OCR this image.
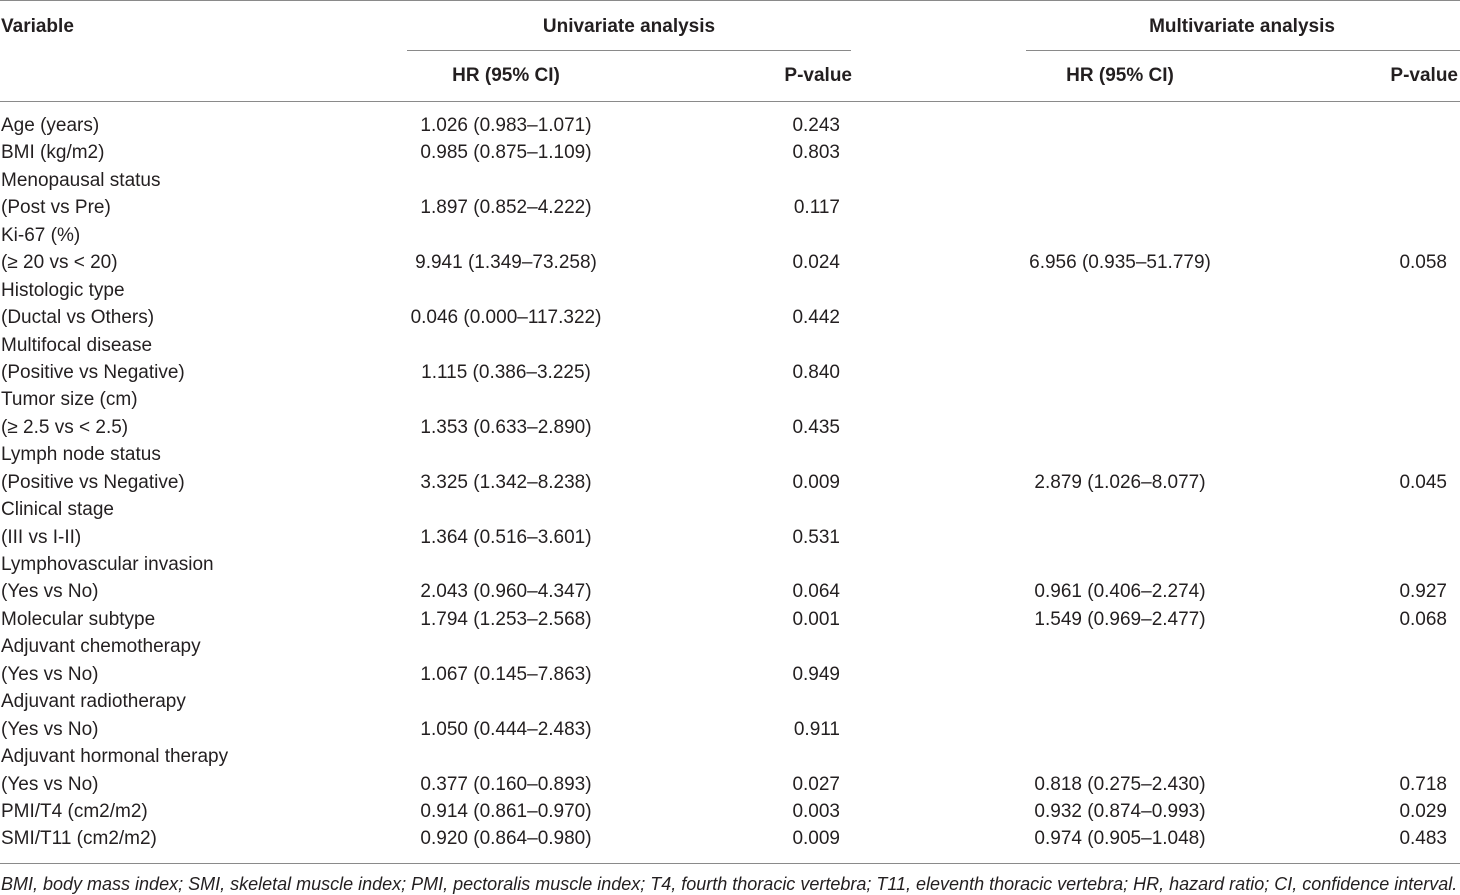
Variable	Univariate analysis	Multivariate analysis
HR (95% CI)	P-value	HR (95% CI)	P-value
Age (years)	1.026 (0.983–1.071)	0.243
BMI (kg/m2)	0.985 (0.875–1.109)	0.803
Menopausal status
(Post vs Pre)	1.897 (0.852–4.222)	0.117
Ki-67 (%)
(≥ 20 vs < 20)	9.941 (1.349–73.258)	0.024	6.956 (0.935–51.779)	0.058
Histologic type
(Ductal vs Others)	0.046 (0.000–117.322)	0.442
Multifocal disease
(Positive vs Negative)	1.115 (0.386–3.225)	0.840
Tumor size (cm)
(≥ 2.5 vs < 2.5)	1.353 (0.633–2.890)	0.435
Lymph node status
(Positive vs Negative)	3.325 (1.342–8.238)	0.009	2.879 (1.026–8.077)	0.045
Clinical stage
(III vs I-II)	1.364 (0.516–3.601)	0.531
Lymphovascular invasion
(Yes vs No)	2.043 (0.960–4.347)	0.064	0.961 (0.406–2.274)	0.927
Molecular subtype	1.794 (1.253–2.568)	0.001	1.549 (0.969–2.477)	0.068
Adjuvant chemotherapy
(Yes vs No)	1.067 (0.145–7.863)	0.949
Adjuvant radiotherapy
(Yes vs No)	1.050 (0.444–2.483)	0.911
Adjuvant hormonal therapy
(Yes vs No)	0.377 (0.160–0.893)	0.027	0.818 (0.275–2.430)	0.718
PMI/T4 (cm2/m2)	0.914 (0.861–0.970)	0.003	0.932 (0.874–0.993)	0.029
SMI/T11 (cm2/m2)	0.920 (0.864–0.980)	0.009	0.974 (0.905–1.048)	0.483
BMI, body mass index; SMI, skeletal muscle index; PMI, pectoralis muscle index; T4, fourth thoracic vertebra; T11, eleventh thoracic vertebra; HR, hazard ratio; CI, confidence interval.
